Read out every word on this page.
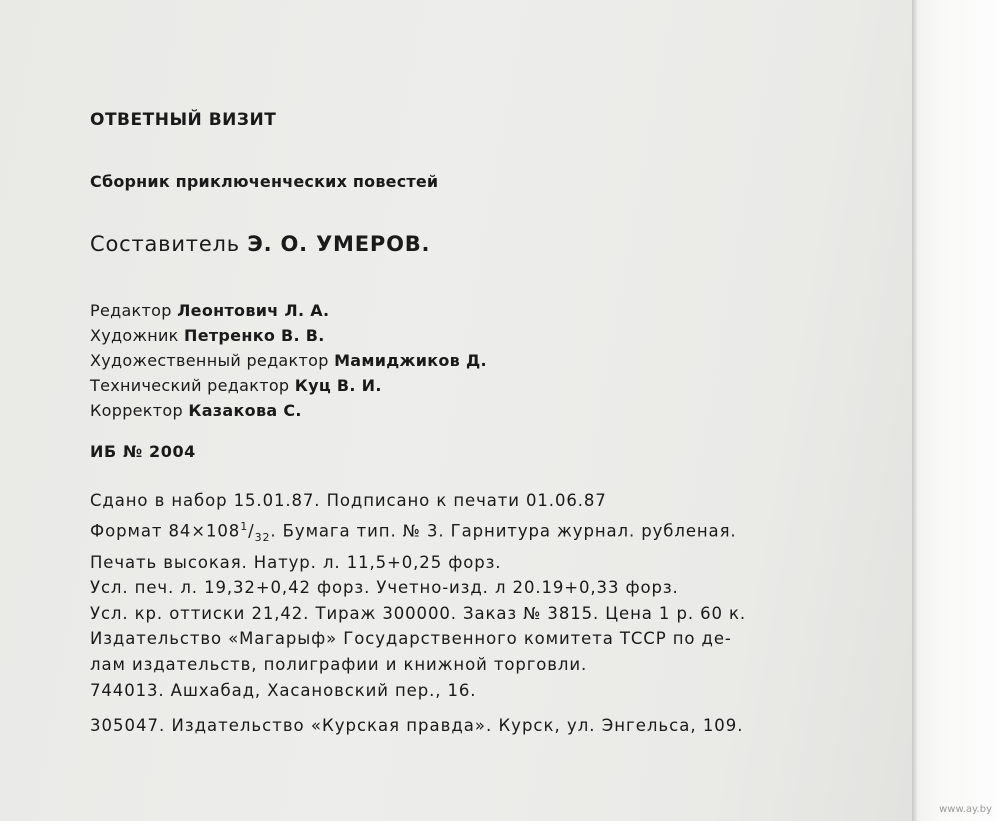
ОТВЕТНЫЙ ВИЗИТ

Сборник приключенческих повестей

Составитель Э. О. УМЕРОВ.

Редактор Леонтович Л. А.
Художник Петренко В. В.
Художественный редактор Мамиджиков Д.
Технический редактор Куц В. И.
Корректор Казакова С.

ИБ № 2004

Сдано в набор 15.01.87. Подписано к печати 01.06.87
Формат $84\times 108^1/_{32}$. Бумага тип. № 3. Гарнитура журнал. рубленая.
Печать высокая. Натур. л. 11,5+0,25 форз.
Усл. печ. л. 19,32+0,42 форз. Учетно-изд. л 20.19+0,33 форз.
Усл. кр. оттиски 21,42. Тираж 300000. Заказ № 3815. Цена 1 р. 60 к.
Издательство «Магарыф» Государственного комитета ТССР по де-
лам издательств, полиграфии и книжной торговли.
744013. Ашхабад, Хасановский пер., 16.

305047. Издательство «Курская правда». Курск, ул. Энгельса, 109.

www.ay.by
